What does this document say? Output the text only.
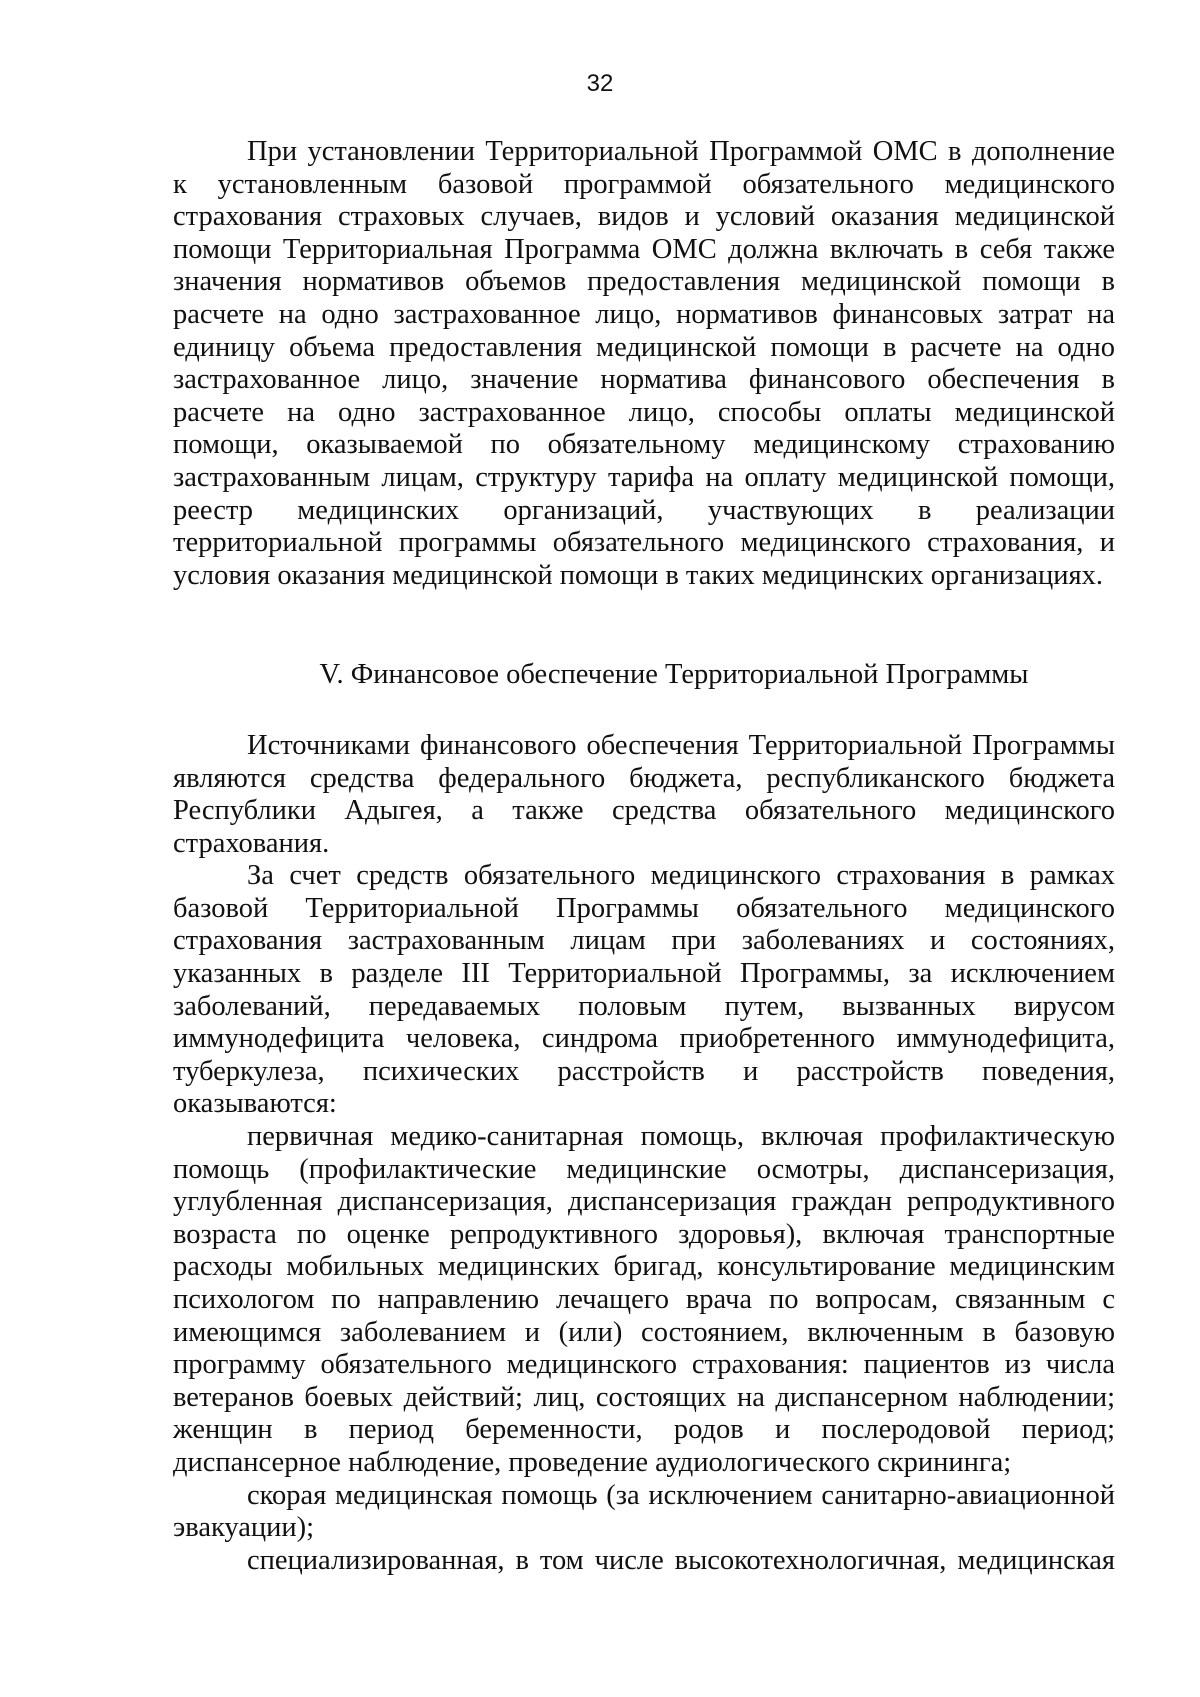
32

При установлении Территориальной Программой ОМС в дополнение к установленным базовой программой обязательного медицинского страхования страховых случаев, видов и условий оказания медицинской помощи Территориальная Программа ОМС должна включать в себя также значения нормативов объемов предоставления медицинской помощи в расчете на одно застрахованное лицо, нормативов финансовых затрат на единицу объема предоставления медицинской помощи в расчете на одно застрахованное лицо, значение норматива финансового обеспечения в расчете на одно застрахованное лицо, способы оплаты медицинской помощи, оказываемой по обязательному медицинскому страхованию застрахованным лицам, структуру тарифа на оплату медицинской помощи, реестр медицинских организаций, участвующих в реализации территориальной программы обязательного медицинского страхования, и условия оказания медицинской помощи в таких медицинских организациях.

V. Финансовое обеспечение Территориальной Программы

Источниками финансового обеспечения Территориальной Программы являются средства федерального бюджета, республиканского бюджета Республики Адыгея, а также средства обязательного медицинского страхования.

За счет средств обязательного медицинского страхования в рамках базовой Территориальной Программы обязательного медицинского страхования застрахованным лицам при заболеваниях и состояниях, указанных в разделе III Территориальной Программы, за исключением заболеваний, передаваемых половым путем, вызванных вирусом иммунодефицита человека, синдрома приобретенного иммунодефицита, туберкулеза, психических расстройств и расстройств поведения, оказываются:

первичная медико-санитарная помощь, включая профилактическую помощь (профилактические медицинские осмотры, диспансеризация, углубленная диспансеризация, диспансеризация граждан репродуктивного возраста по оценке репродуктивного здоровья), включая транспортные расходы мобильных медицинских бригад, консультирование медицинским психологом по направлению лечащего врача по вопросам, связанным с имеющимся заболеванием и (или) состоянием, включенным в базовую программу обязательного медицинского страхования: пациентов из числа ветеранов боевых действий; лиц, состоящих на диспансерном наблюдении; женщин в период беременности, родов и послеродовой период; диспансерное наблюдение, проведение аудиологического скрининга;

скорая медицинская помощь (за исключением санитарно-авиационной эвакуации);

специализированная, в том числе высокотехнологичная, медицинская
